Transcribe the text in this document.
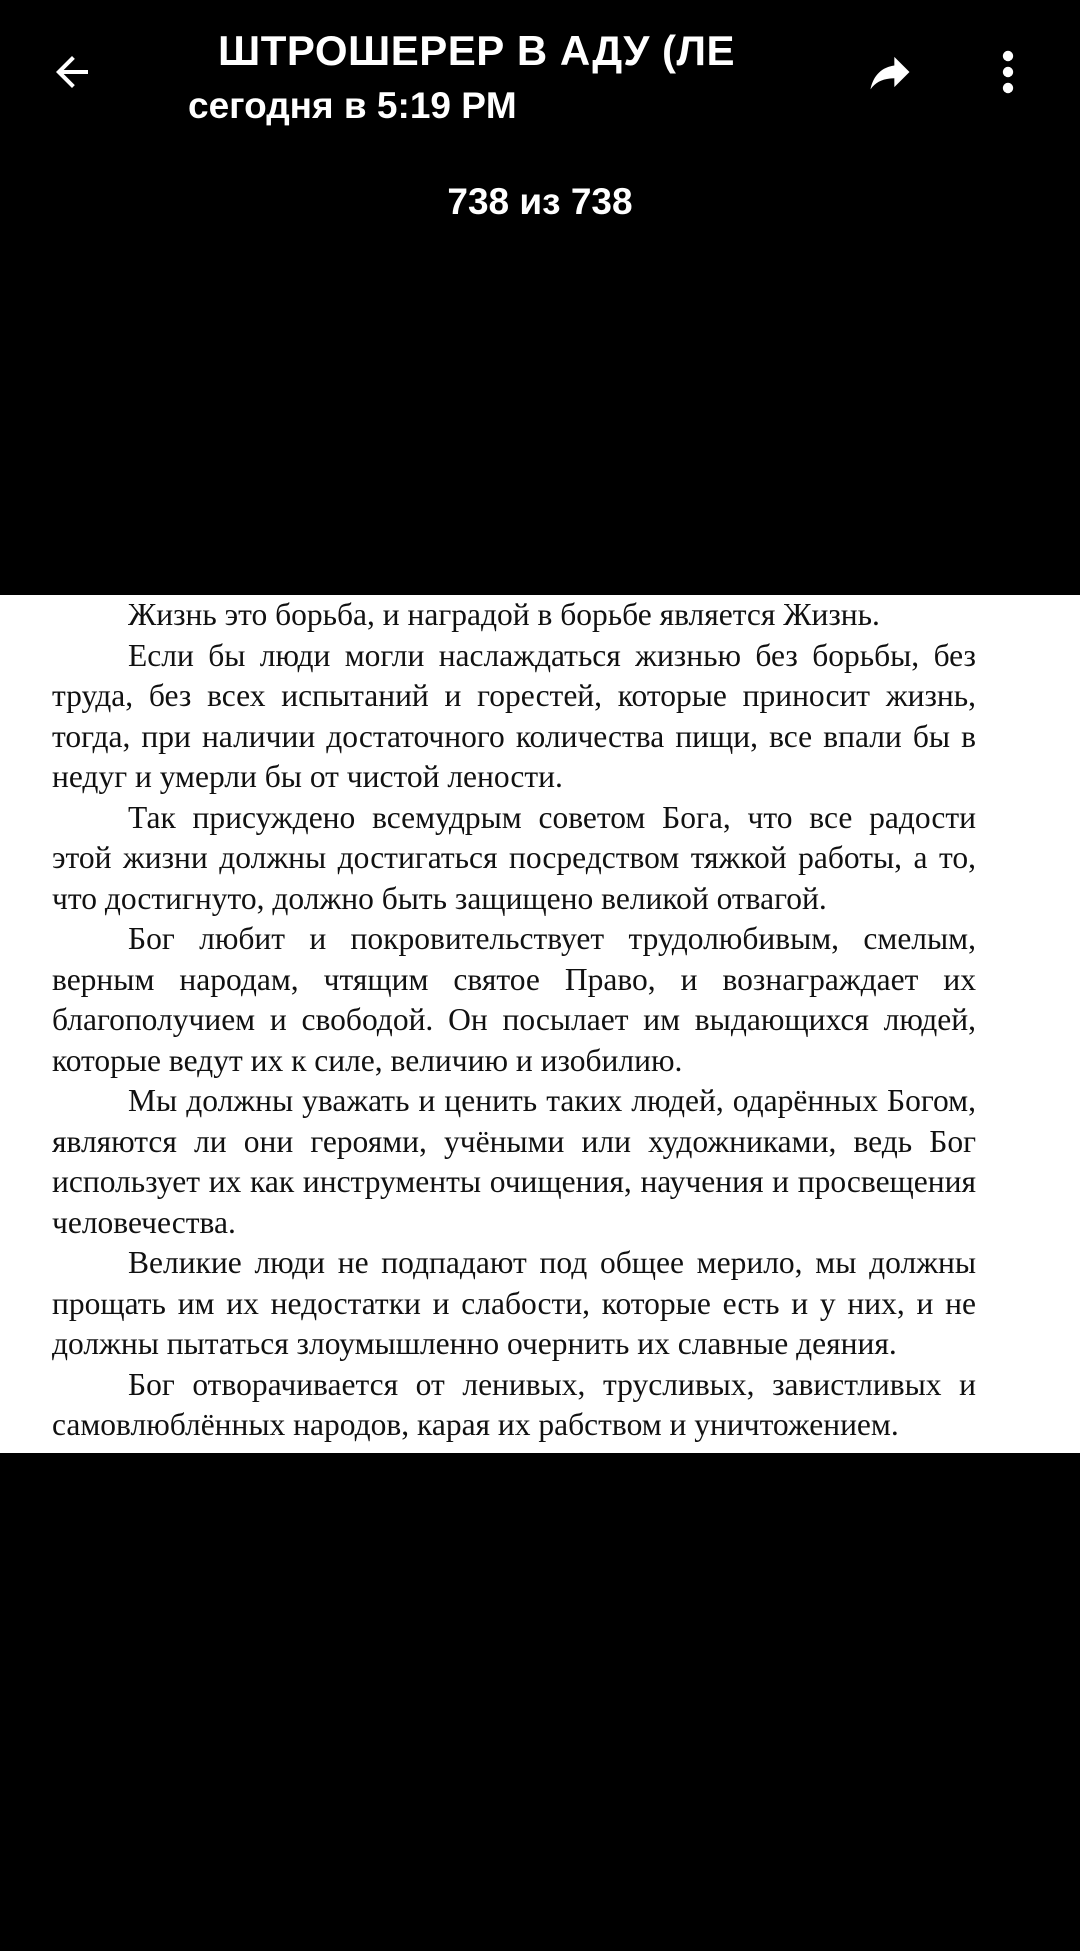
ШТРОШЕРЕР В АДУ (ЛЕ
сегодня в 5:19 PM
738 из 738

Жизнь это борьба, и наградой в борьбе является Жизнь.

Если бы люди могли наслаждаться жизнью без борьбы, без труда, без всех испытаний и горестей, которые приносит жизнь, тогда, при наличии достаточного количества пищи, все впали бы в недуг и умерли бы от чистой лености.

Так присуждено всемудрым советом Бога, что все радости этой жизни должны достигаться посредством тяжкой работы, а то, что достигнуто, должно быть защищено великой отвагой.

Бог любит и покровительствует трудолюбивым, смелым, верным народам, чтящим святое Право, и вознаграждает их благополучием и свободой. Он посылает им выдающихся людей, которые ведут их к силе, величию и изобилию.

Мы должны уважать и ценить таких людей, одарённых Богом, являются ли они героями, учёными или художниками, ведь Бог использует их как инструменты очищения, научения и просвещения человечества.

Великие люди не подпадают под общее мерило, мы должны прощать им их недостатки и слабости, которые есть и у них, и не должны пытаться злоумышленно очернить их славные деяния.

Бог отворачивается от ленивых, трусливых, завистливых и самовлюблённых народов, карая их рабством и уничтожением.
